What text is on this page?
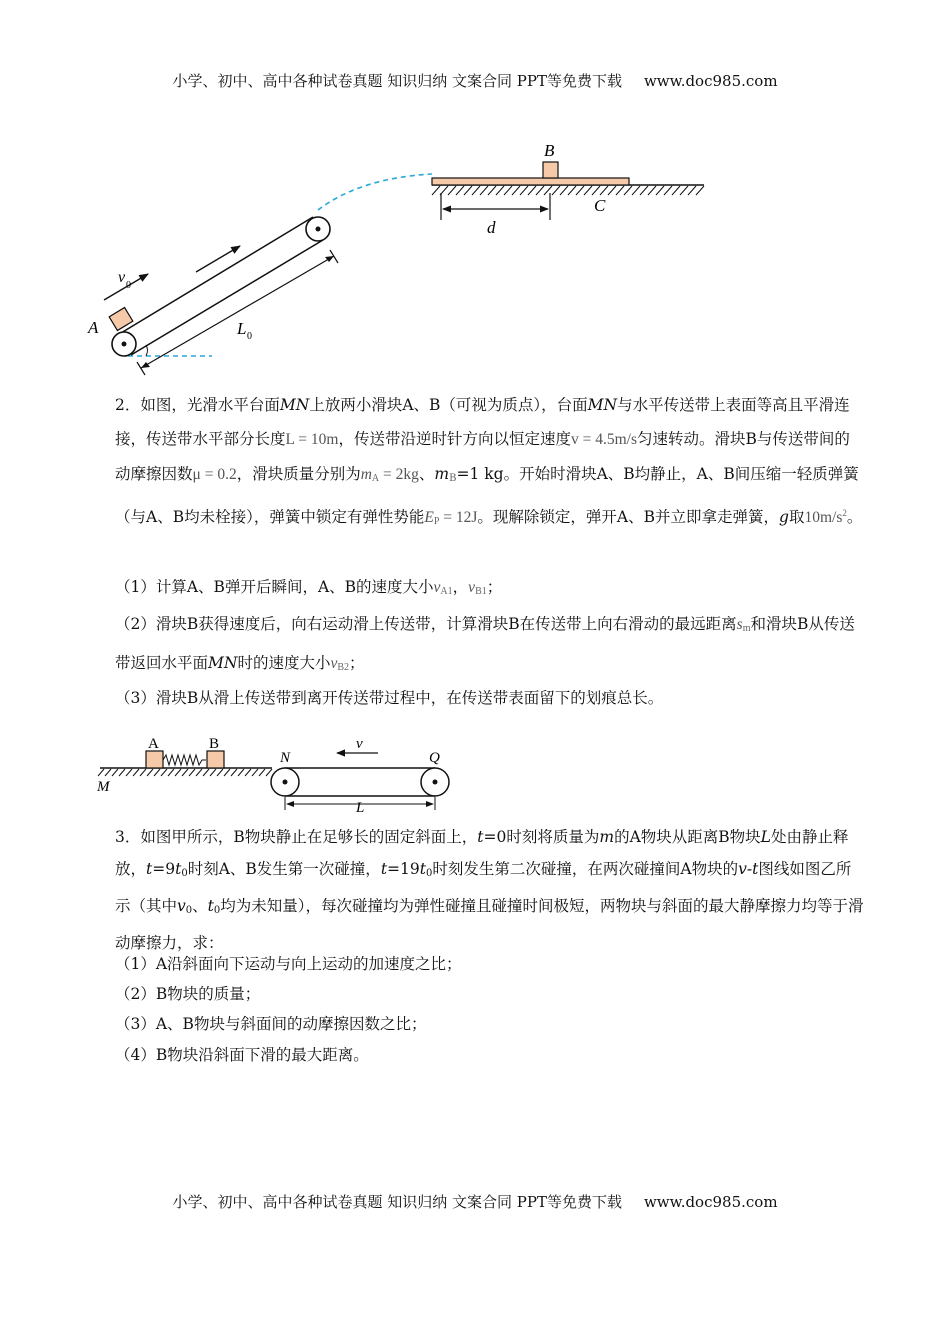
小学、初中、高中各种试卷真题 知识归纳 文案合同 PPT等免费下载 www.doc985.com
v 0
A	L 0
B
C
d
2．如图，光滑水平台面MN上放两小滑块A、B（可视为质点），台面MN与水平传送带上表面等高且平滑连接，传送带水平部分长度L = 10m，传送带沿逆时针方向以恒定速度v = 4.5m/s匀速转动。滑块B与传送带间的动摩擦因数μ = 0.2，滑块质量分别为$m_A = 2kg$、$m_B=1$ kg。开始时滑块A、B均静止，A、B间压缩一轻质弹簧（与A、B均未栓接），弹簧中锁定有弹性势能$E_P = 12J$。现解除锁定，弹开A、B并立即拿走弹簧，g取$10m/s^2$。
（1）计算A、B弹开后瞬间，A、B的速度大小$v_{A1}$，$v_{B1}$；
（2）滑块B获得速度后，向右运动滑上传送带，计算滑块B在传送带上向右滑动的最远距离$s_m$和滑块B从传送带返回水平面MN时的速度大小$v_{B2}$；
（3）滑块B从滑上传送带到离开传送带过程中，在传送带表面留下的划痕总长。
A	B
M
N	Q
v
L
3．如图甲所示，B物块静止在足够长的固定斜面上，t=0时刻将质量为m的A物块从距离B物块L处由静止释放，$t=9t_0$时刻A、B发生第一次碰撞，$t=19t_0$时刻发生第二次碰撞，在两次碰撞间A物块的v-t图线如图乙所示（其中$v_0$、$t_0$均为未知量），每次碰撞均为弹性碰撞且碰撞时间极短，两物块与斜面的最大静摩擦力均等于滑动摩擦力，求：
（1）A沿斜面向下运动与向上运动的加速度之比；
（2）B物块的质量；
（3）A、B物块与斜面间的动摩擦因数之比；
（4）B物块沿斜面下滑的最大距离。
小学、初中、高中各种试卷真题 知识归纳 文案合同 PPT等免费下载 www.doc985.com
